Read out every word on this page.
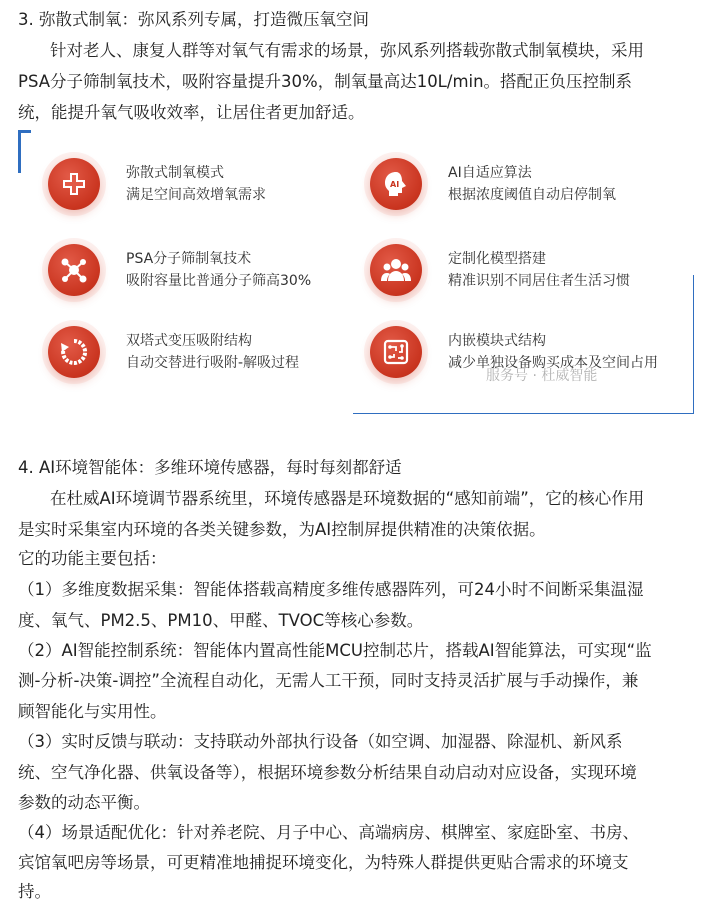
3. 弥散式制氧：弥风系列专属，打造微压氧空间
针对老人、康复人群等对氧气有需求的场景，弥风系列搭载弥散式制氧模块，采用
PSA分子筛制氧技术，吸附容量提升30%，制氧量高达10L/min。搭配正负压控制系
统，能提升氧气吸收效率，让居住者更加舒适。
弥散式制氧模式
满足空间高效增氧需求
AI
AI自适应算法
根据浓度阈值自动启停制氧
PSA分子筛制氧技术
吸附容量比普通分子筛高30%
定制化模型搭建
精准识别不同居住者生活习惯
双塔式变压吸附结构
自动交替进行吸附-解吸过程
内嵌模块式结构
减少单独设备购买成本及空间占用
服务号 · 杜威智能
4. AI环境智能体：多维环境传感器，每时每刻都舒适
在杜威AI环境调节器系统里，环境传感器是环境数据的“感知前端”，它的核心作用
是实时采集室内环境的各类关键参数，为AI控制屏提供精准的决策依据。
它的功能主要包括：
（1）多维度数据采集：智能体搭载高精度多维传感器阵列，可24小时不间断采集温湿
度、氧气、PM2.5、PM10、甲醛、TVOC等核心参数。
（2）AI智能控制系统：智能体内置高性能MCU控制芯片，搭载AI智能算法，可实现“监
测-分析-决策-调控”全流程自动化，无需人工干预，同时支持灵活扩展与手动操作，兼
顾智能化与实用性。
（3）实时反馈与联动：支持联动外部执行设备（如空调、加湿器、除湿机、新风系
统、空气净化器、供氧设备等），根据环境参数分析结果自动启动对应设备，实现环境
参数的动态平衡。
（4）场景适配优化：针对养老院、月子中心、高端病房、棋牌室、家庭卧室、书房、
宾馆氧吧房等场景，可更精准地捕捉环境变化，为特殊人群提供更贴合需求的环境支
持。
